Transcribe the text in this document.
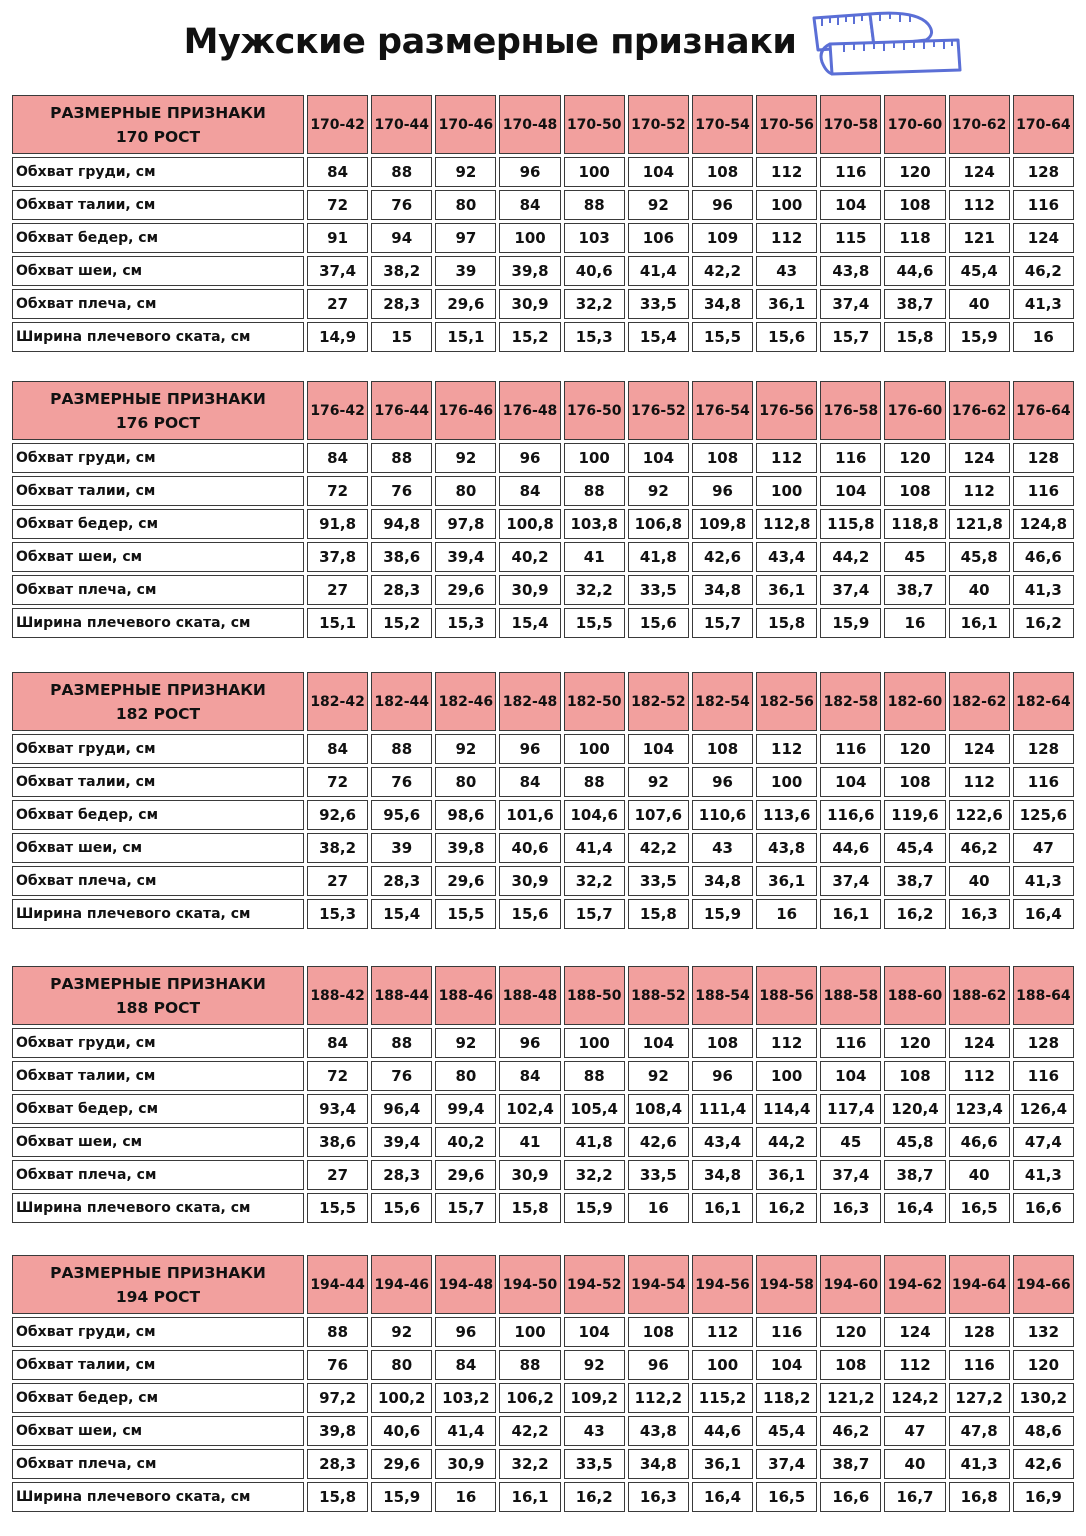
Мужские размерные признаки
РАЗМЕРНЫЕ ПРИЗНАКИ
170 РОСТ	170-42	170-44	170-46	170-48	170-50	170-52	170-54	170-56	170-58	170-60	170-62	170-64
Обхват груди, см	84	88	92	96	100	104	108	112	116	120	124	128
Обхват талии, см	72	76	80	84	88	92	96	100	104	108	112	116
Обхват бедер, см	91	94	97	100	103	106	109	112	115	118	121	124
Обхват шеи, см	37,4	38,2	39	39,8	40,6	41,4	42,2	43	43,8	44,6	45,4	46,2
Обхват плеча, см	27	28,3	29,6	30,9	32,2	33,5	34,8	36,1	37,4	38,7	40	41,3
Ширина плечевого ската, см	14,9	15	15,1	15,2	15,3	15,4	15,5	15,6	15,7	15,8	15,9	16
РАЗМЕРНЫЕ ПРИЗНАКИ
176 РОСТ	176-42	176-44	176-46	176-48	176-50	176-52	176-54	176-56	176-58	176-60	176-62	176-64
Обхват груди, см	84	88	92	96	100	104	108	112	116	120	124	128
Обхват талии, см	72	76	80	84	88	92	96	100	104	108	112	116
Обхват бедер, см	91,8	94,8	97,8	100,8	103,8	106,8	109,8	112,8	115,8	118,8	121,8	124,8
Обхват шеи, см	37,8	38,6	39,4	40,2	41	41,8	42,6	43,4	44,2	45	45,8	46,6
Обхват плеча, см	27	28,3	29,6	30,9	32,2	33,5	34,8	36,1	37,4	38,7	40	41,3
Ширина плечевого ската, см	15,1	15,2	15,3	15,4	15,5	15,6	15,7	15,8	15,9	16	16,1	16,2
РАЗМЕРНЫЕ ПРИЗНАКИ
182 РОСТ	182-42	182-44	182-46	182-48	182-50	182-52	182-54	182-56	182-58	182-60	182-62	182-64
Обхват груди, см	84	88	92	96	100	104	108	112	116	120	124	128
Обхват талии, см	72	76	80	84	88	92	96	100	104	108	112	116
Обхват бедер, см	92,6	95,6	98,6	101,6	104,6	107,6	110,6	113,6	116,6	119,6	122,6	125,6
Обхват шеи, см	38,2	39	39,8	40,6	41,4	42,2	43	43,8	44,6	45,4	46,2	47
Обхват плеча, см	27	28,3	29,6	30,9	32,2	33,5	34,8	36,1	37,4	38,7	40	41,3
Ширина плечевого ската, см	15,3	15,4	15,5	15,6	15,7	15,8	15,9	16	16,1	16,2	16,3	16,4
РАЗМЕРНЫЕ ПРИЗНАКИ
188 РОСТ	188-42	188-44	188-46	188-48	188-50	188-52	188-54	188-56	188-58	188-60	188-62	188-64
Обхват груди, см	84	88	92	96	100	104	108	112	116	120	124	128
Обхват талии, см	72	76	80	84	88	92	96	100	104	108	112	116
Обхват бедер, см	93,4	96,4	99,4	102,4	105,4	108,4	111,4	114,4	117,4	120,4	123,4	126,4
Обхват шеи, см	38,6	39,4	40,2	41	41,8	42,6	43,4	44,2	45	45,8	46,6	47,4
Обхват плеча, см	27	28,3	29,6	30,9	32,2	33,5	34,8	36,1	37,4	38,7	40	41,3
Ширина плечевого ската, см	15,5	15,6	15,7	15,8	15,9	16	16,1	16,2	16,3	16,4	16,5	16,6
РАЗМЕРНЫЕ ПРИЗНАКИ
194 РОСТ	194-44	194-46	194-48	194-50	194-52	194-54	194-56	194-58	194-60	194-62	194-64	194-66
Обхват груди, см	88	92	96	100	104	108	112	116	120	124	128	132
Обхват талии, см	76	80	84	88	92	96	100	104	108	112	116	120
Обхват бедер, см	97,2	100,2	103,2	106,2	109,2	112,2	115,2	118,2	121,2	124,2	127,2	130,2
Обхват шеи, см	39,8	40,6	41,4	42,2	43	43,8	44,6	45,4	46,2	47	47,8	48,6
Обхват плеча, см	28,3	29,6	30,9	32,2	33,5	34,8	36,1	37,4	38,7	40	41,3	42,6
Ширина плечевого ската, см	15,8	15,9	16	16,1	16,2	16,3	16,4	16,5	16,6	16,7	16,8	16,9
